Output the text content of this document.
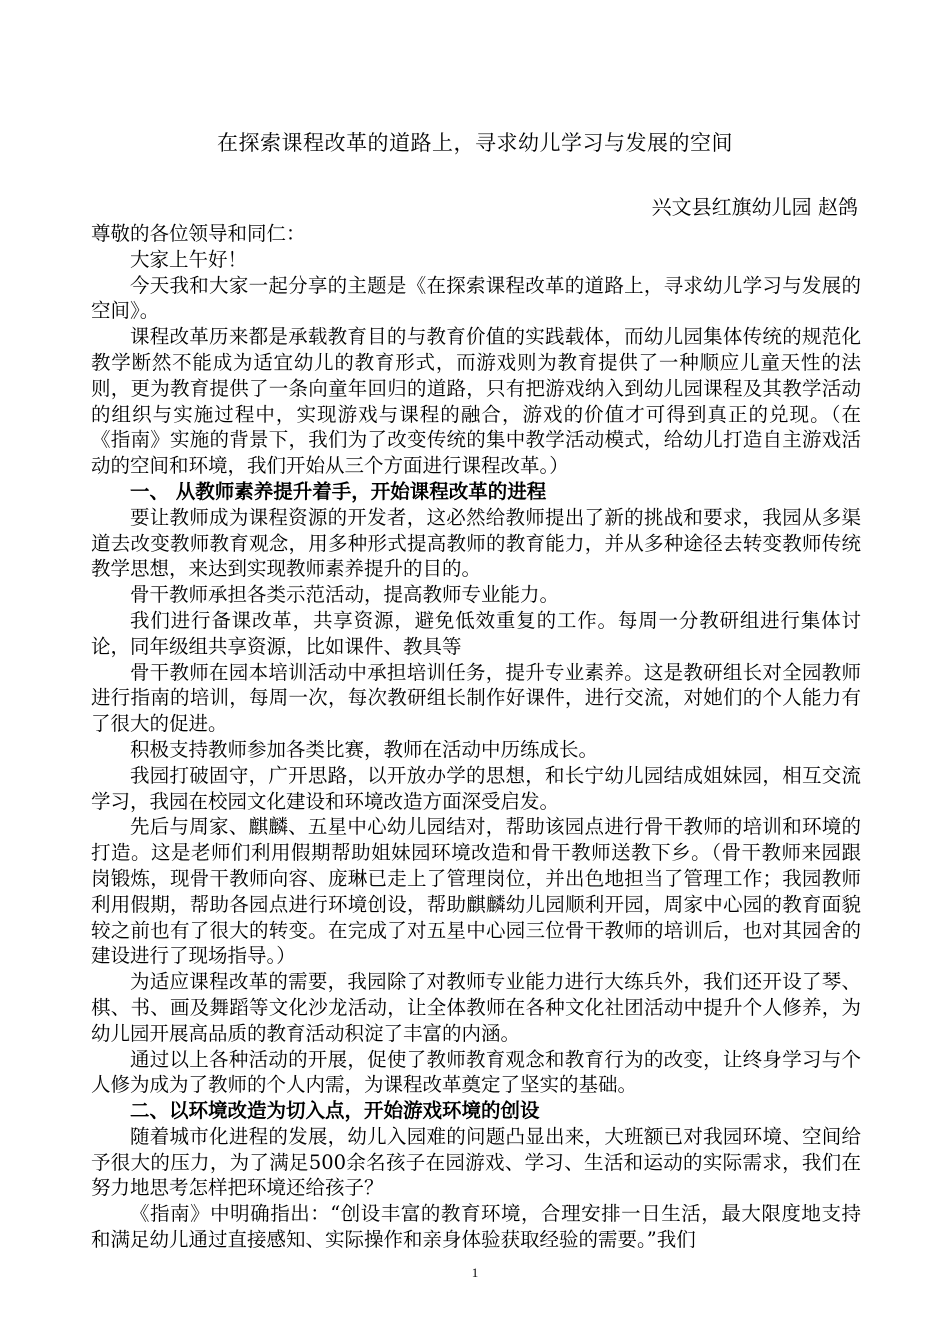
在探索课程改革的道路上，寻求幼儿学习与发展的空间
兴文县红旗幼儿园 赵鸽

尊敬的各位领导和同仁：

大家上午好！

今天我和大家一起分享的主题是《在探索课程改革的道路上，寻求幼儿学习与发展的空间》。

课程改革历来都是承载教育目的与教育价值的实践载体，而幼儿园集体传统的规范化教学断然不能成为适宜幼儿的教育形式，而游戏则为教育提供了一种顺应儿童天性的法则，更为教育提供了一条向童年回归的道路，只有把游戏纳入到幼儿园课程及其教学活动的组织与实施过程中，实现游戏与课程的融合，游戏的价值才可得到真正的兑现。（在《指南》实施的背景下，我们为了改变传统的集中教学活动模式，给幼儿打造自主游戏活动的空间和环境，我们开始从三个方面进行课程改革。）

一、 从教师素养提升着手，开始课程改革的进程

要让教师成为课程资源的开发者，这必然给教师提出了新的挑战和要求，我园从多渠道去改变教师教育观念，用多种形式提高教师的教育能力，并从多种途径去转变教师传统教学思想，来达到实现教师素养提升的目的。

骨干教师承担各类示范活动，提高教师专业能力。

我们进行备课改革，共享资源，避免低效重复的工作。每周一分教研组进行集体讨论，同年级组共享资源，比如课件、教具等

骨干教师在园本培训活动中承担培训任务，提升专业素养。这是教研组长对全园教师进行指南的培训，每周一次，每次教研组长制作好课件，进行交流，对她们的个人能力有了很大的促进。

积极支持教师参加各类比赛，教师在活动中历练成长。

我园打破固守，广开思路，以开放办学的思想，和长宁幼儿园结成姐妹园，相互交流学习，我园在校园文化建设和环境改造方面深受启发。

先后与周家、麒麟、五星中心幼儿园结对，帮助该园点进行骨干教师的培训和环境的打造。这是老师们利用假期帮助姐妹园环境改造和骨干教师送教下乡。（骨干教师来园跟岗锻炼，现骨干教师向容、庞琳已走上了管理岗位，并出色地担当了管理工作；我园教师利用假期，帮助各园点进行环境创设，帮助麒麟幼儿园顺利开园，周家中心园的教育面貌较之前也有了很大的转变。在完成了对五星中心园三位骨干教师的培训后，也对其园舍的建设进行了现场指导。）

为适应课程改革的需要，我园除了对教师专业能力进行大练兵外，我们还开设了琴、棋、书、画及舞蹈等文化沙龙活动，让全体教师在各种文化社团活动中提升个人修养，为幼儿园开展高品质的教育活动积淀了丰富的内涵。

通过以上各种活动的开展，促使了教师教育观念和教育行为的改变，让终身学习与个人修为成为了教师的个人内需，为课程改革奠定了坚实的基础。

二、以环境改造为切入点，开始游戏环境的创设

随着城市化进程的发展，幼儿入园难的问题凸显出来，大班额已对我园环境、空间给予很大的压力，为了满足500余名孩子在园游戏、学习、生活和运动的实际需求，我们在努力地思考怎样把环境还给孩子？

《指南》中明确指出：“创设丰富的教育环境，合理安排一日生活，最大限度地支持和满足幼儿通过直接感知、实际操作和亲身体验获取经验的需要。”我们

1
